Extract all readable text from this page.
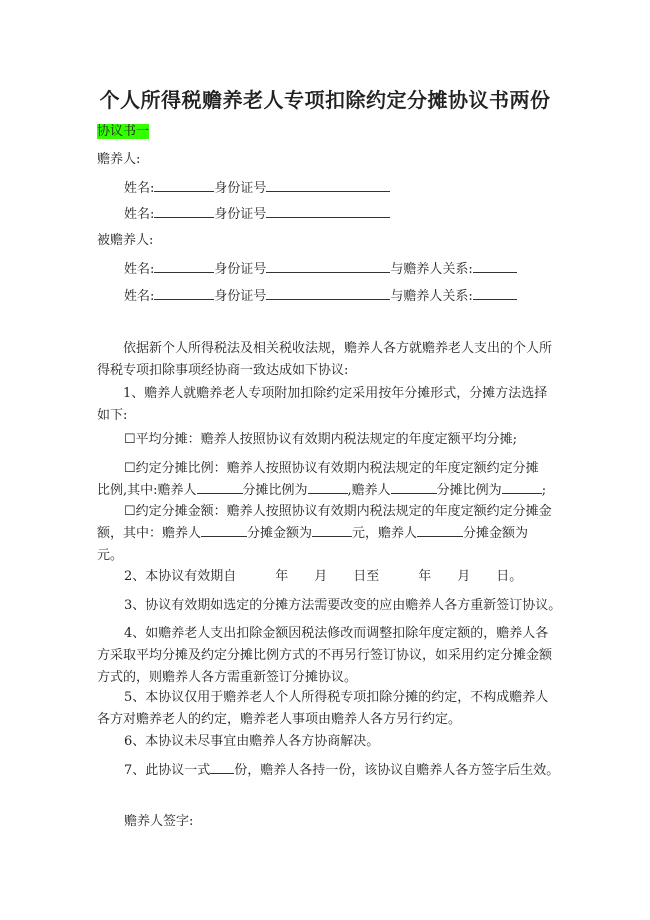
个人所得税赡养老人专项扣除约定分摊协议书两份
协议书一
赡养人:
姓名:	身份证号
姓名:	身份证号
被赡养人:
姓名:	身份证号	与赡养人关系:
姓名:	身份证号	与赡养人关系:
依据新个人所得税法及相关税收法规，赡养人各方就赡养老人支出的个人所得税专项扣除事项经协商一致达成如下协议:
1、赡养人就赡养老人专项附加扣除约定采用按年分摊形式，分摊方法选择如下:
☐平均分摊：赡养人按照协议有效期内税法规定的年度定额平均分摊;
☐约定分摊比例：赡养人按照协议有效期内税法规定的年度定额约定分摊
比例,其中:赡养人	分摊比例为	,赡养人	分摊比例为	;
☐约定分摊金额：赡养人按照协议有效期内税法规定的年度定额约定分摊金
额，其中：赡养人	分摊金额为	元，赡养人	分摊金额为
元。
2、本协议有效期自　　　年　　月　　日至　　　年　　月　　日。
3、协议有效期如选定的分摊方法需要改变的应由赡养人各方重新签订协议。
4、如赡养老人支出扣除金额因税法修改而调整扣除年度定额的，赡养人各方采取平均分摊及约定分摊比例方式的不再另行签订协议，如采用约定分摊金额方式的，则赡养人各方需重新签订分摊协议。
5、本协议仅用于赡养老人个人所得税专项扣除分摊的约定，不构成赡养人各方对赡养老人的约定，赡养老人事项由赡养人各方另行约定。
6、本协议未尽事宜由赡养人各方协商解决。
7、此协议一式 份，赡养人各持一份，该协议自赡养人各方签字后生效。
赡养人签字:
